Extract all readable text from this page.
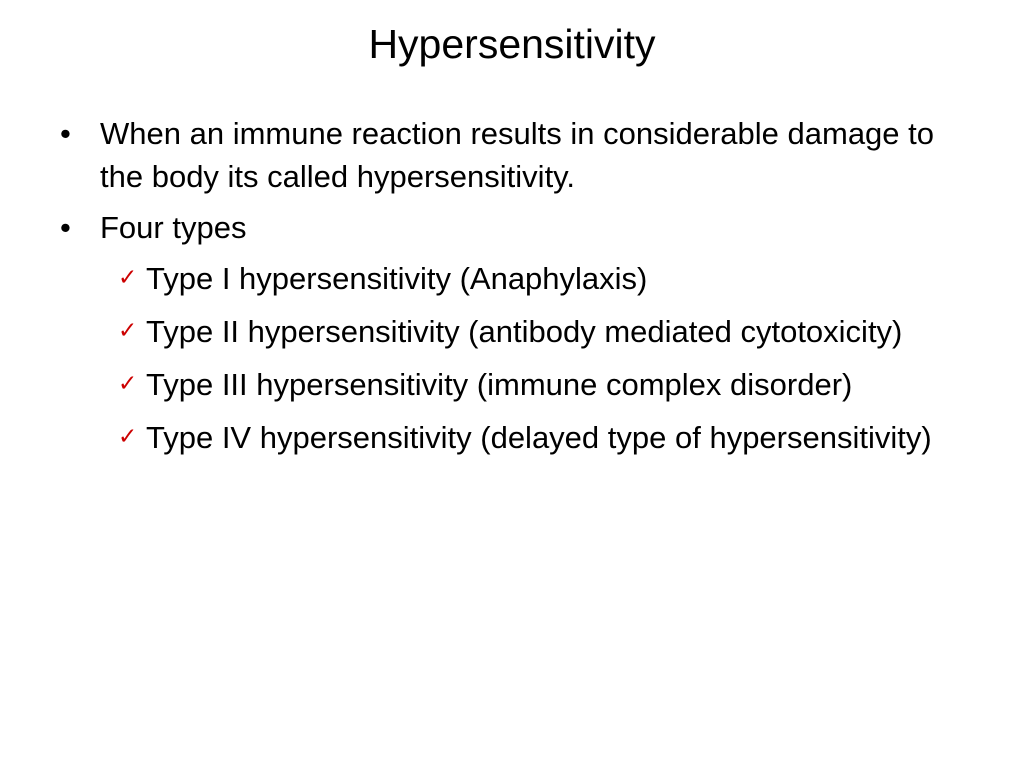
Hypersensitivity
• When an immune reaction results in considerable damage to the body its called hypersensitivity.
• Four types
✓ Type I hypersensitivity (Anaphylaxis)
✓ Type II hypersensitivity (antibody mediated cytotoxicity)
✓ Type III hypersensitivity (immune complex disorder)
✓ Type IV hypersensitivity (delayed type of hypersensitivity)
